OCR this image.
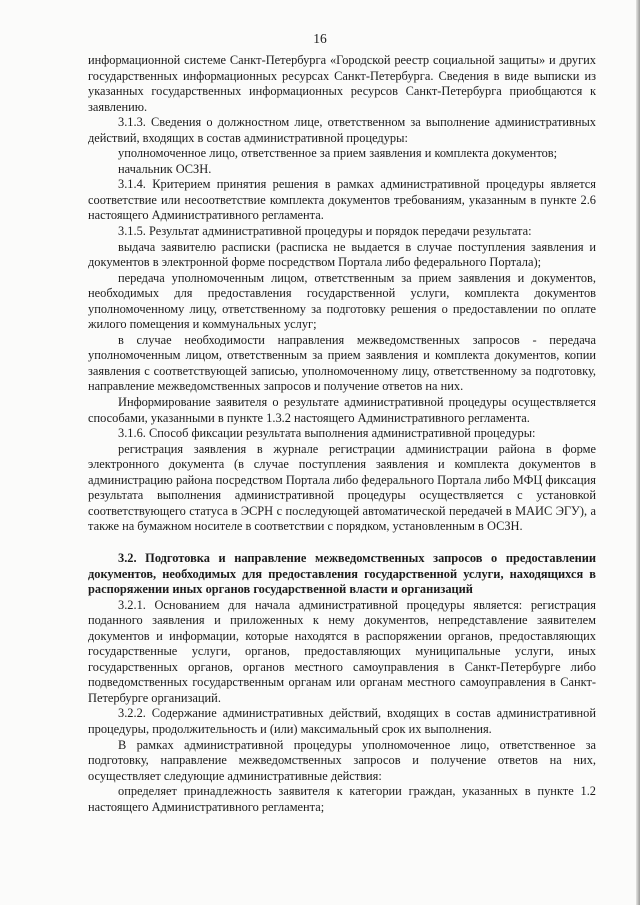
16

информационной системе Санкт-Петербурга «Городской реестр социальной защиты» и других государственных информационных ресурсах Санкт-Петербурга. Сведения в виде выписки из указанных государственных информационных ресурсов Санкт-Петербурга приобщаются к заявлению.

3.1.3. Сведения о должностном лице, ответственном за выполнение административных действий, входящих в состав административной процедуры:

уполномоченное лицо, ответственное за прием заявления и комплекта документов;

начальник ОСЗН.

3.1.4. Критерием принятия решения в рамках административной процедуры является соответствие или несоответствие комплекта документов требованиям, указанным в пункте 2.6 настоящего Административного регламента.

3.1.5. Результат административной процедуры и порядок передачи результата:

выдача заявителю расписки (расписка не выдается в случае поступления заявления и документов в электронной форме посредством Портала либо федерального Портала);

передача уполномоченным лицом, ответственным за прием заявления и документов, необходимых для предоставления государственной услуги, комплекта документов уполномоченному лицу, ответственному за подготовку решения о предоставлении по оплате жилого помещения и коммунальных услуг;

в случае необходимости направления межведомственных запросов - передача уполномоченным лицом, ответственным за прием заявления и комплекта документов, копии заявления с соответствующей записью, уполномоченному лицу, ответственному за подготовку, направление межведомственных запросов и получение ответов на них.

Информирование заявителя о результате административной процедуры осуществляется способами, указанными в пункте 1.3.2 настоящего Административного регламента.

3.1.6. Способ фиксации результата выполнения административной процедуры:

регистрация заявления в журнале регистрации администрации района в форме электронного документа (в случае поступления заявления и комплекта документов в администрацию района посредством Портала либо федерального Портала либо МФЦ фиксация результата выполнения административной процедуры осуществляется с установкой соответствующего статуса в ЭСРН с последующей автоматической передачей в МАИС ЭГУ), а также на бумажном носителе в соответствии с порядком, установленным в ОСЗН.

3.2. Подготовка и направление межведомственных запросов о предоставлении документов, необходимых для предоставления государственной услуги, находящихся в распоряжении иных органов государственной власти и организаций

3.2.1. Основанием для начала административной процедуры является: регистрация поданного заявления и приложенных к нему документов, непредставление заявителем документов и информации, которые находятся в распоряжении органов, предоставляющих государственные услуги, органов, предоставляющих муниципальные услуги, иных государственных органов, органов местного самоуправления в Санкт-Петербурге либо подведомственных государственным органам или органам местного самоуправления в Санкт-Петербурге организаций.

3.2.2. Содержание административных действий, входящих в состав административной процедуры, продолжительность и (или) максимальный срок их выполнения.

В рамках административной процедуры уполномоченное лицо, ответственное за подготовку, направление межведомственных запросов и получение ответов на них, осуществляет следующие административные действия:

определяет принадлежность заявителя к категории граждан, указанных в пункте 1.2 настоящего Административного регламента;
